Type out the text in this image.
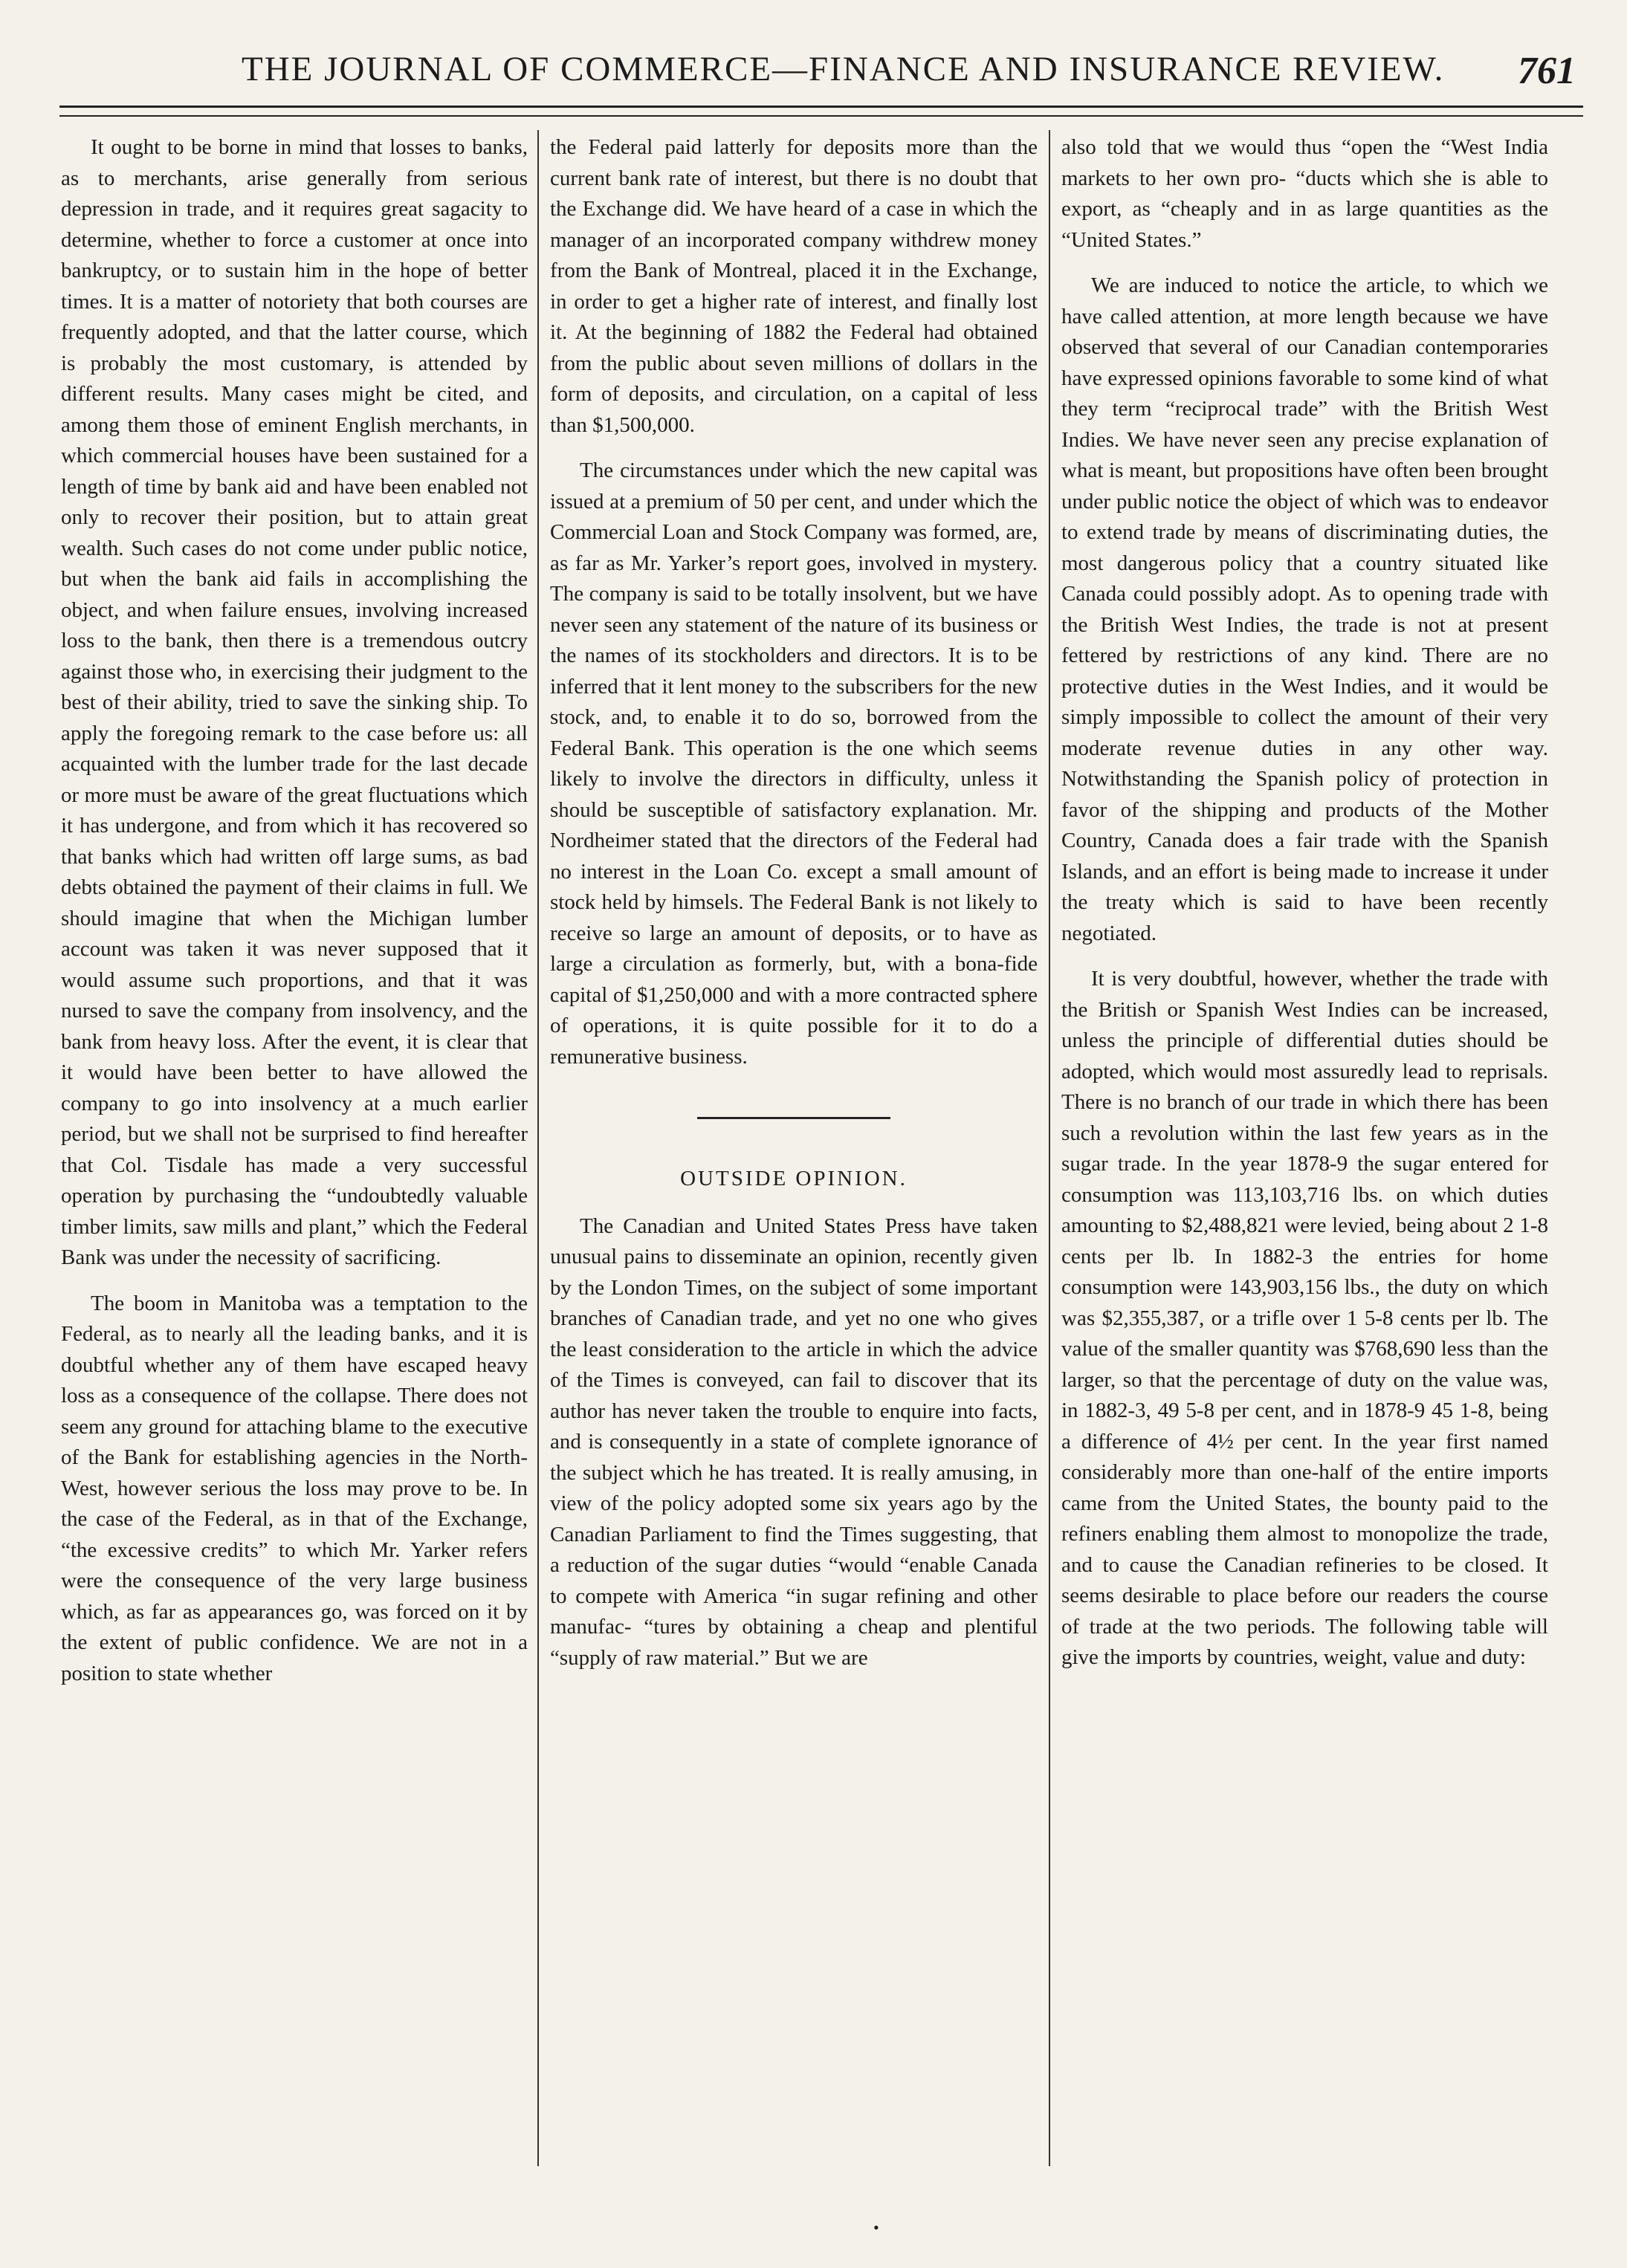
THE JOURNAL OF COMMERCE—FINANCE AND INSURANCE REVIEW. 761

It ought to be borne in mind that losses to banks, as to merchants, arise generally from serious depression in trade, and it requires great sagacity to determine, whether to force a customer at once into bankruptcy, or to sustain him in the hope of better times. It is a matter of notoriety that both courses are frequently adopted, and that the latter course, which is probably the most customary, is attended by different results. Many cases might be cited, and among them those of eminent English merchants, in which commercial houses have been sustained for a length of time by bank aid and have been enabled not only to recover their position, but to attain great wealth. Such cases do not come under public notice, but when the bank aid fails in accomplishing the object, and when failure ensues, involving increased loss to the bank, then there is a tremendous outcry against those who, in exercising their judgment to the best of their ability, tried to save the sinking ship. To apply the foregoing remark to the case before us: all acquainted with the lumber trade for the last decade or more must be aware of the great fluctuations which it has undergone, and from which it has recovered so that banks which had written off large sums, as bad debts obtained the payment of their claims in full. We should imagine that when the Michigan lumber account was taken it was never supposed that it would assume such proportions, and that it was nursed to save the company from insolvency, and the bank from heavy loss. After the event, it is clear that it would have been better to have allowed the company to go into insolvency at a much earlier period, but we shall not be surprised to find hereafter that Col. Tisdale has made a very successful operation by purchasing the “undoubtedly valuable timber limits, saw mills and plant,” which the Federal Bank was under the necessity of sacrificing.

The boom in Manitoba was a temptation to the Federal, as to nearly all the leading banks, and it is doubtful whether any of them have escaped heavy loss as a consequence of the collapse. There does not seem any ground for attaching blame to the executive of the Bank for establishing agencies in the North-West, however serious the loss may prove to be. In the case of the Federal, as in that of the Exchange, “the excessive credits” to which Mr. Yarker refers were the consequence of the very large business which, as far as appearances go, was forced on it by the extent of public confidence. We are not in a position to state whether

the Federal paid latterly for deposits more than the current bank rate of interest, but there is no doubt that the Exchange did. We have heard of a case in which the manager of an incorporated company withdrew money from the Bank of Montreal, placed it in the Exchange, in order to get a higher rate of interest, and finally lost it. At the beginning of 1882 the Federal had obtained from the public about seven millions of dollars in the form of deposits, and circulation, on a capital of less than $1,500,000.

The circumstances under which the new capital was issued at a premium of 50 per cent, and under which the Commercial Loan and Stock Company was formed, are, as far as Mr. Yarker’s report goes, involved in mystery. The company is said to be totally insolvent, but we have never seen any statement of the nature of its business or the names of its stockholders and directors. It is to be inferred that it lent money to the subscribers for the new stock, and, to enable it to do so, borrowed from the Federal Bank. This operation is the one which seems likely to involve the directors in difficulty, unless it should be susceptible of satisfactory explanation. Mr. Nordheimer stated that the directors of the Federal had no interest in the Loan Co. except a small amount of stock held by himsels. The Federal Bank is not likely to receive so large an amount of deposits, or to have as large a circulation as formerly, but, with a bona-fide capital of $1,250,000 and with a more contracted sphere of operations, it is quite possible for it to do a remunerative business.

OUTSIDE OPINION.

The Canadian and United States Press have taken unusual pains to disseminate an opinion, recently given by the London Times, on the subject of some important branches of Canadian trade, and yet no one who gives the least consideration to the article in which the advice of the Times is conveyed, can fail to discover that its author has never taken the trouble to enquire into facts, and is consequently in a state of complete ignorance of the subject which he has treated. It is really amusing, in view of the policy adopted some six years ago by the Canadian Parliament to find the Times suggesting, that a reduction of the sugar duties “would “enable Canada to compete with America “in sugar refining and other manufac- “tures by obtaining a cheap and plentiful “supply of raw material.” But we are

also told that we would thus “open the “West India markets to her own pro- “ducts which she is able to export, as “cheaply and in as large quantities as the “United States.”

We are induced to notice the article, to which we have called attention, at more length because we have observed that several of our Canadian contemporaries have expressed opinions favorable to some kind of what they term “reciprocal trade” with the British West Indies. We have never seen any precise explanation of what is meant, but propositions have often been brought under public notice the object of which was to endeavor to extend trade by means of discriminating duties, the most dangerous policy that a country situated like Canada could possibly adopt. As to opening trade with the British West Indies, the trade is not at present fettered by restrictions of any kind. There are no protective duties in the West Indies, and it would be simply impossible to collect the amount of their very moderate revenue duties in any other way. Notwithstanding the Spanish policy of protection in favor of the shipping and products of the Mother Country, Canada does a fair trade with the Spanish Islands, and an effort is being made to increase it under the treaty which is said to have been recently negotiated.

It is very doubtful, however, whether the trade with the British or Spanish West Indies can be increased, unless the principle of differential duties should be adopted, which would most assuredly lead to reprisals. There is no branch of our trade in which there has been such a revolution within the last few years as in the sugar trade. In the year 1878-9 the sugar entered for consumption was 113,103,716 lbs. on which duties amounting to $2,488,821 were levied, being about 2 1-8 cents per lb. In 1882-3 the entries for home consumption were 143,903,156 lbs., the duty on which was $2,355,387, or a trifle over 1 5-8 cents per lb. The value of the smaller quantity was $768,690 less than the larger, so that the percentage of duty on the value was, in 1882-3, 49 5-8 per cent, and in 1878-9 45 1-8, being a difference of 4½ per cent. In the year first named considerably more than one-half of the entire imports came from the United States, the bounty paid to the refiners enabling them almost to monopolize the trade, and to cause the Canadian refineries to be closed. It seems desirable to place before our readers the course of trade at the two periods. The following table will give the imports by countries, weight, value and duty:

•
